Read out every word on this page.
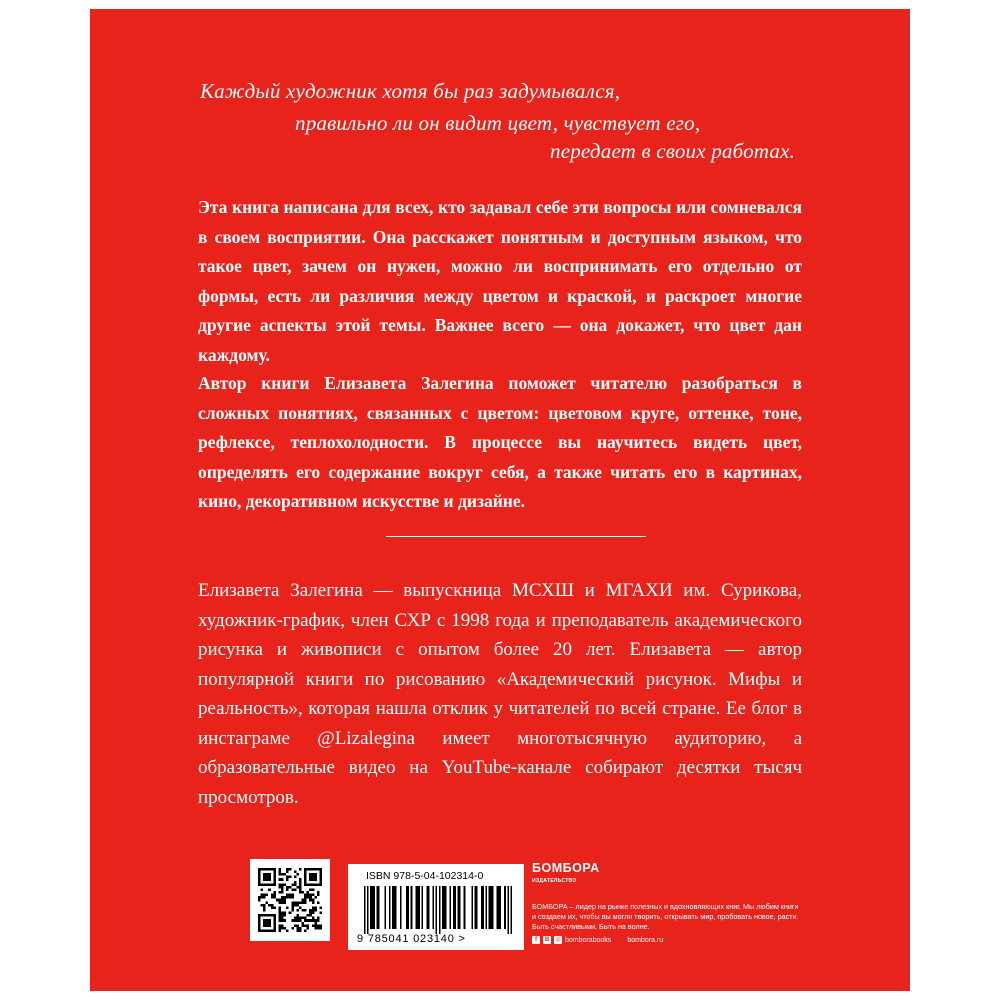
Каждый художник хотя бы раз задумывался,
правильно ли он видит цвет, чувствует его,
передает в своих работах.

Эта книга написана для всех, кто задавал себе эти вопросы или сомневался в своем восприятии. Она расскажет понятным и доступным языком, что такое цвет, зачем он нужен, можно ли воспринимать его отдельно от формы, есть ли различия между цветом и краской, и раскроет многие другие аспекты этой темы. Важнее всего — она докажет, что цвет дан каждому.

Автор книги Елизавета Залегина поможет читателю разобраться в сложных понятиях, связанных с цветом: цветовом круге, оттенке, тоне, рефлексе, теплохолодности. В процессе вы научитесь видеть цвет, определять его содержание вокруг себя, а также читать его в картинах, кино, декоративном искусстве и дизайне.

Елизавета Залегина — выпускница МСХШ и МГАХИ им. Сурикова, художник-график, член СХР с 1998 года и преподаватель академического рисунка и живописи с опытом более 20 лет. Елизавета — автор популярной книги по рисованию «Академический рисунок. Мифы и реальность», которая нашла отклик у читателей по всей стране. Ее блог в инстаграме @Lizalegina имеет многотысячную аудиторию, а образовательные видео на YouTube-канале собирают десятки тысяч просмотров.

ISBN 978-5-04-102314-0
9 785041 023140 >
БОМБОРА
ИЗДАТЕЛЬСТВО
БОМБОРА – лидер на рынке полезных и вдохновляющих книг. Мы любим книги и создаем их, чтобы вы могли творить, открывать мир, пробовать новое, расти. Быть счастливыми. Быть на волне.
f	B	◎ bomborabooks bombora.ru
